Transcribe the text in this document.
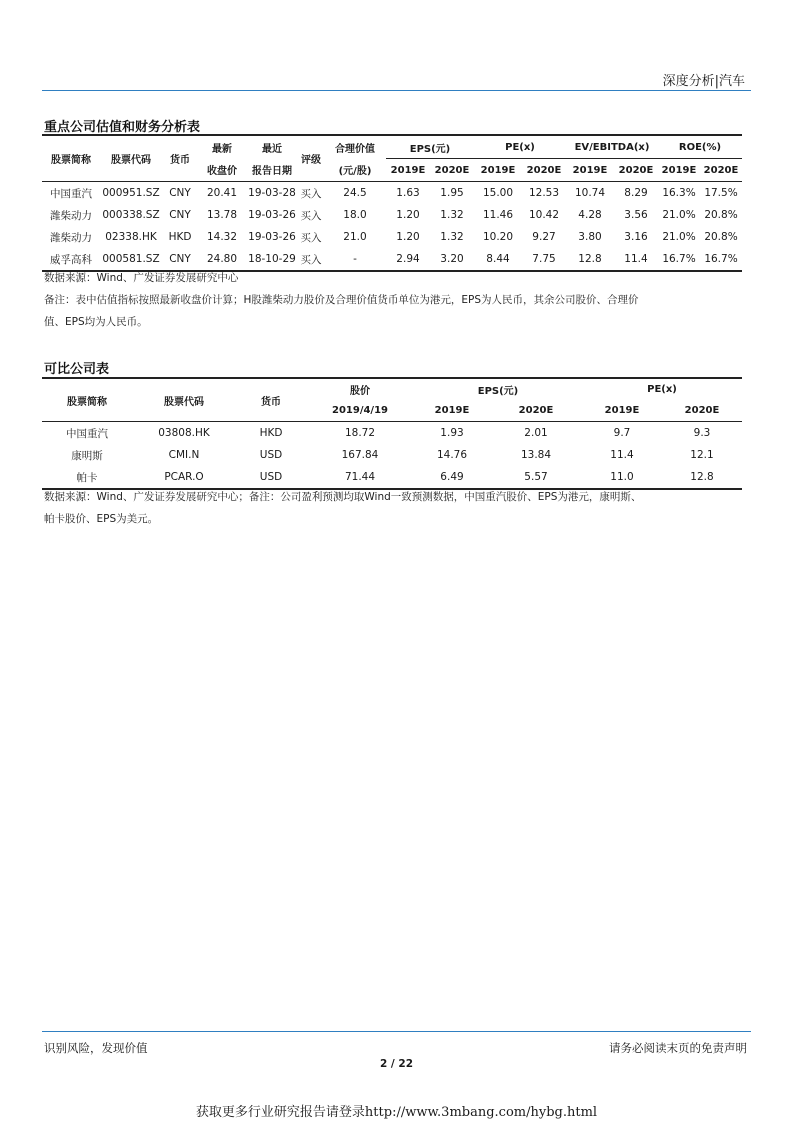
深度分析|汽车
重点公司估值和财务分析表
股票简称	股票代码	货币	最新	最近	评级	合理价值	EPS(元)		PE(x)		EV/EBITDA(x)		ROE(%)	
			收盘价	报告日期		(元/股)	2019E	2020E	2019E	2020E	2019E	2020E	2019E	2020E
中国重汽	000951.SZ	CNY	20.41	19-03-28	买入	24.5	1.63	1.95	15.00	12.53	10.74	8.29	16.3%	17.5%
潍柴动力	000338.SZ	CNY	13.78	19-03-26	买入	18.0	1.20	1.32	11.46	10.42	4.28	3.56	21.0%	20.8%
潍柴动力	02338.HK	HKD	14.32	19-03-26	买入	21.0	1.20	1.32	10.20	9.27	3.80	3.16	21.0%	20.8%
威孚高科	000581.SZ	CNY	24.80	18-10-29	买入	-	2.94	3.20	8.44	7.75	12.8	11.4	16.7%	16.7%
数据来源：Wind、广发证券发展研究中心
备注：表中估值指标按照最新收盘价计算；H股潍柴动力股价及合理价值货币单位为港元，EPS为人民币，其余公司股价、合理价
值、EPS均为人民币。
可比公司表
股票简称	股票代码	货币	股价	EPS(元)		PE(x)	
			2019/4/19	2019E	2020E	2019E	2020E
中国重汽	03808.HK	HKD	18.72	1.93	2.01	9.7	9.3
康明斯	CMI.N	USD	167.84	14.76	13.84	11.4	12.1
帕卡	PCAR.O	USD	71.44	6.49	5.57	11.0	12.8
数据来源：Wind、广发证券发展研究中心；备注：公司盈利预测均取Wind一致预测数据，中国重汽股价、EPS为港元，康明斯、
帕卡股价、EPS为美元。
识别风险，发现价值	请务必阅读末页的免责声明
2 / 22
获取更多行业研究报告请登录http://www.3mbang.com/hybg.html
